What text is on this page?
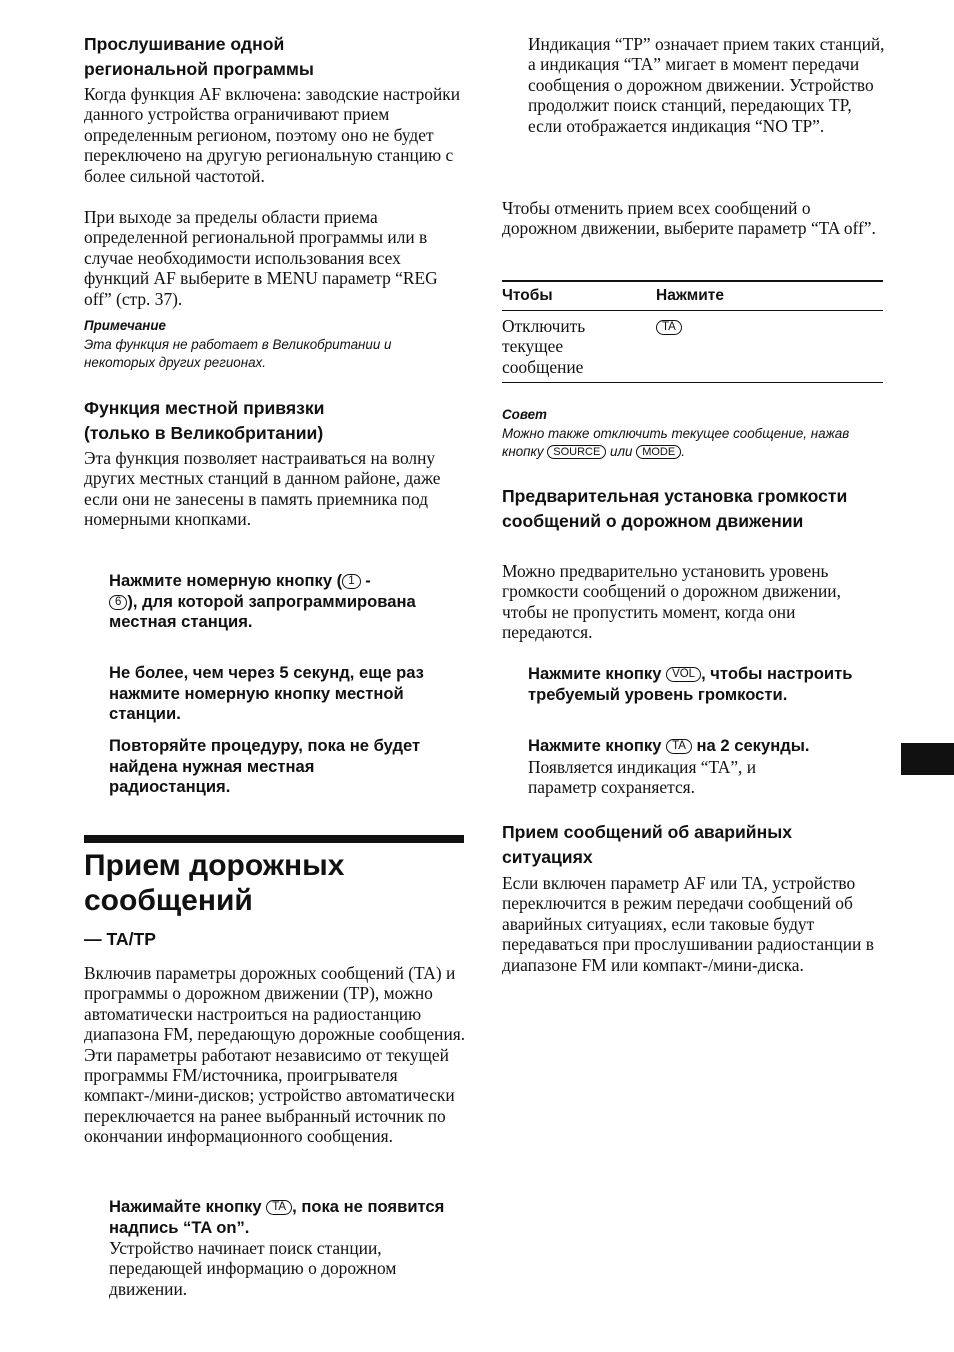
Прослушивание одной региональной программы

Когда функция AF включена: заводские настройки данного устройства ограничивают прием определенным регионом, поэтому оно не будет переключено на другую региональную станцию с более сильной частотой.

При выходе за пределы области приема определенной региональной программы или в случае необходимости использования всех функций AF выберите в MENU параметр “REG off” (стр. 37).

Примечание
Эта функция не работает в Великобритании и некоторых других регионах.
Функция местной привязки
(только в Великобритании)

Эта функция позволяет настраиваться на волну других местных станций в данном районе, даже если они не занесены в память приемника под номерными кнопками.

Нажмите номерную кнопку ( 1 -
6 ), для которой запрограммирована местная станция.
Не более, чем через 5 секунд, еще раз нажмите номерную кнопку местной станции.
Повторяйте процедуру, пока не будет найдена нужная местная радиостанция.
Прием дорожных
сообщений
— TA/TP

Включив параметры дорожных сообщений (TA) и программы о дорожном движении (TP), можно автоматически настроиться на радиостанцию диапазона FM, передающую дорожные сообщения. Эти параметры работают независимо от текущей программы FM/источника, проигрывателя компакт-/мини-дисков; устройство автоматически переключается на ранее выбранный источник по окончании информационного сообщения.

Нажимайте кнопку TA , пока не появится надпись “TA on”.

Устройство начинает поиск станции, передающей информацию о дорожном движении.

Индикация “TP” означает прием таких станций, а индикация “TA” мигает в момент передачи сообщения о дорожном движении. Устройство продолжит поиск станций, передающих TP, если отображается индикация “NO TP”.

Чтобы отменить прием всех сообщений о дорожном движении, выберите параметр “TA off”.

Чтобы	Нажмите
Отключить текущее сообщение
TA
Совет
Можно также отключить текущее сообщение, нажав кнопку SOURCE или MODE .
Предварительная установка громкости сообщений о дорожном движении

Можно предварительно установить уровень громкости сообщений о дорожном движении, чтобы не пропустить момент, когда они передаются.

Нажмите кнопку VOL , чтобы настроить требуемый уровень громкости.
Нажмите кнопку TA на 2 секунды.

Появляется индикация “TA”, и параметр сохраняется.

Прием сообщений об аварийных ситуациях

Если включен параметр AF или TA, устройство переключится в режим передачи сообщений об аварийных ситуациях, если таковые будут передаваться при прослушивании радиостанции в диапазоне FM или компакт-/мини-диска.
